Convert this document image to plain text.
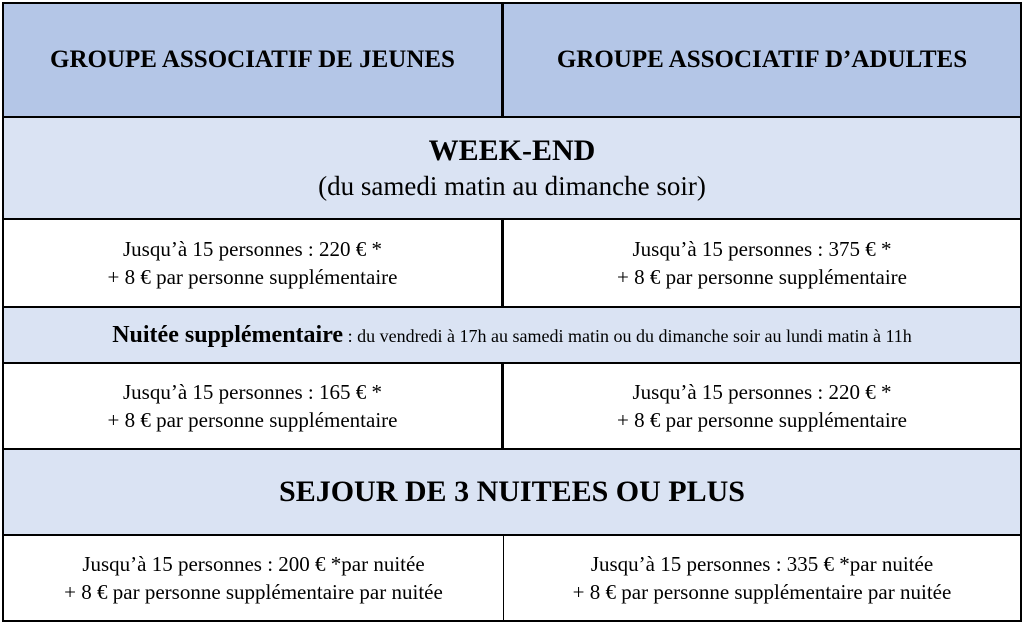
GROUPE ASSOCIATIF DE JEUNES	GROUPE ASSOCIATIF D’ADULTES
WEEK-END
(du samedi matin au dimanche soir)
Jusqu’à 15 personnes : 220 € *
+ 8 € par personne supplémentaire
Jusqu’à 15 personnes : 375 € *
+ 8 € par personne supplémentaire
Nuitée supplémentaire : du vendredi à 17h au samedi matin ou du dimanche soir au lundi matin à 11h
Jusqu’à 15 personnes : 165 € *
+ 8 € par personne supplémentaire
Jusqu’à 15 personnes : 220 € *
+ 8 € par personne supplémentaire
SEJOUR DE 3 NUITEES OU PLUS
Jusqu’à 15 personnes : 200 € *par nuitée
+ 8 € par personne supplémentaire par nuitée
Jusqu’à 15 personnes : 335 € *par nuitée
+ 8 € par personne supplémentaire par nuitée
